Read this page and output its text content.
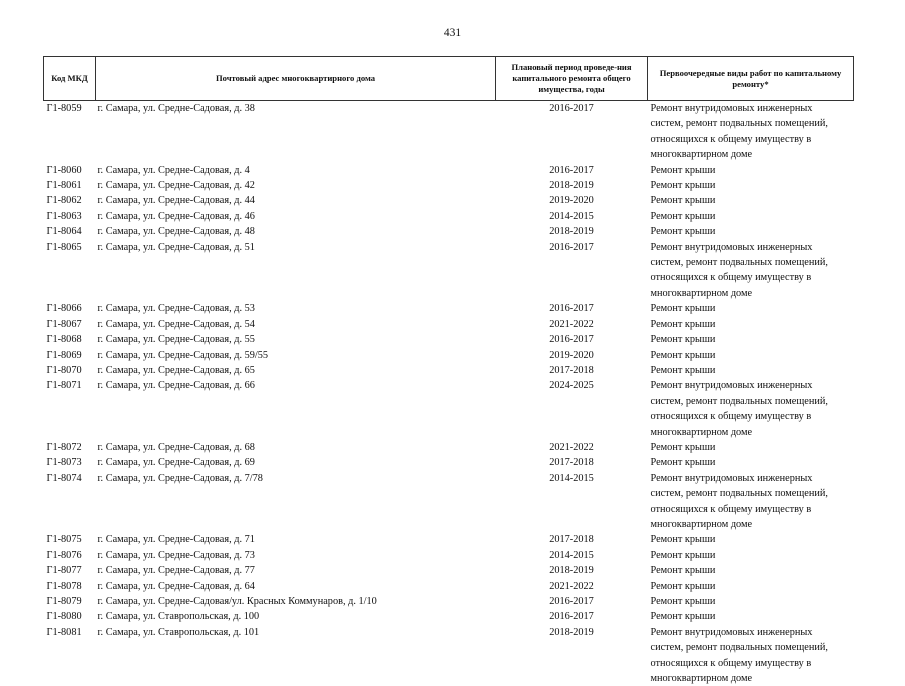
431
Код МКД	Почтовый адрес многоквартирного дома	Плановый период проведе-ния капитального ремонта общего имущества, годы	Первоочередные виды работ по капитальному ремонту*
Г1-8059	г. Самара, ул. Средне-Садовая, д. 38	2016-2017	Ремонт внутридомовых инженерных систем, ремонт подвальных помещений, относящихся к общему имуществу в многоквартирном доме
Г1-8060	г. Самара, ул. Средне-Садовая, д. 4	2016-2017	Ремонт крыши
Г1-8061	г. Самара, ул. Средне-Садовая, д. 42	2018-2019	Ремонт крыши
Г1-8062	г. Самара, ул. Средне-Садовая, д. 44	2019-2020	Ремонт крыши
Г1-8063	г. Самара, ул. Средне-Садовая, д. 46	2014-2015	Ремонт крыши
Г1-8064	г. Самара, ул. Средне-Садовая, д. 48	2018-2019	Ремонт крыши
Г1-8065	г. Самара, ул. Средне-Садовая, д. 51	2016-2017	Ремонт внутридомовых инженерных систем, ремонт подвальных помещений, относящихся к общему имуществу в многоквартирном доме
Г1-8066	г. Самара, ул. Средне-Садовая, д. 53	2016-2017	Ремонт крыши
Г1-8067	г. Самара, ул. Средне-Садовая, д. 54	2021-2022	Ремонт крыши
Г1-8068	г. Самара, ул. Средне-Садовая, д. 55	2016-2017	Ремонт крыши
Г1-8069	г. Самара, ул. Средне-Садовая, д. 59/55	2019-2020	Ремонт крыши
Г1-8070	г. Самара, ул. Средне-Садовая, д. 65	2017-2018	Ремонт крыши
Г1-8071	г. Самара, ул. Средне-Садовая, д. 66	2024-2025	Ремонт внутридомовых инженерных систем, ремонт подвальных помещений, относящихся к общему имуществу в многоквартирном доме
Г1-8072	г. Самара, ул. Средне-Садовая, д. 68	2021-2022	Ремонт крыши
Г1-8073	г. Самара, ул. Средне-Садовая, д. 69	2017-2018	Ремонт крыши
Г1-8074	г. Самара, ул. Средне-Садовая, д. 7/78	2014-2015	Ремонт внутридомовых инженерных систем, ремонт подвальных помещений, относящихся к общему имуществу в многоквартирном доме
Г1-8075	г. Самара, ул. Средне-Садовая, д. 71	2017-2018	Ремонт крыши
Г1-8076	г. Самара, ул. Средне-Садовая, д. 73	2014-2015	Ремонт крыши
Г1-8077	г. Самара, ул. Средне-Садовая, д. 77	2018-2019	Ремонт крыши
Г1-8078	г. Самара, ул. Средне-Садовая, д. 64	2021-2022	Ремонт крыши
Г1-8079	г. Самара, ул. Средне-Садовая/ул. Красных Коммунаров, д. 1/10	2016-2017	Ремонт крыши
Г1-8080	г. Самара, ул. Ставропольская, д. 100	2016-2017	Ремонт крыши
Г1-8081	г. Самара, ул. Ставропольская, д. 101	2018-2019	Ремонт внутридомовых инженерных систем, ремонт подвальных помещений, относящихся к общему имуществу в многоквартирном доме
